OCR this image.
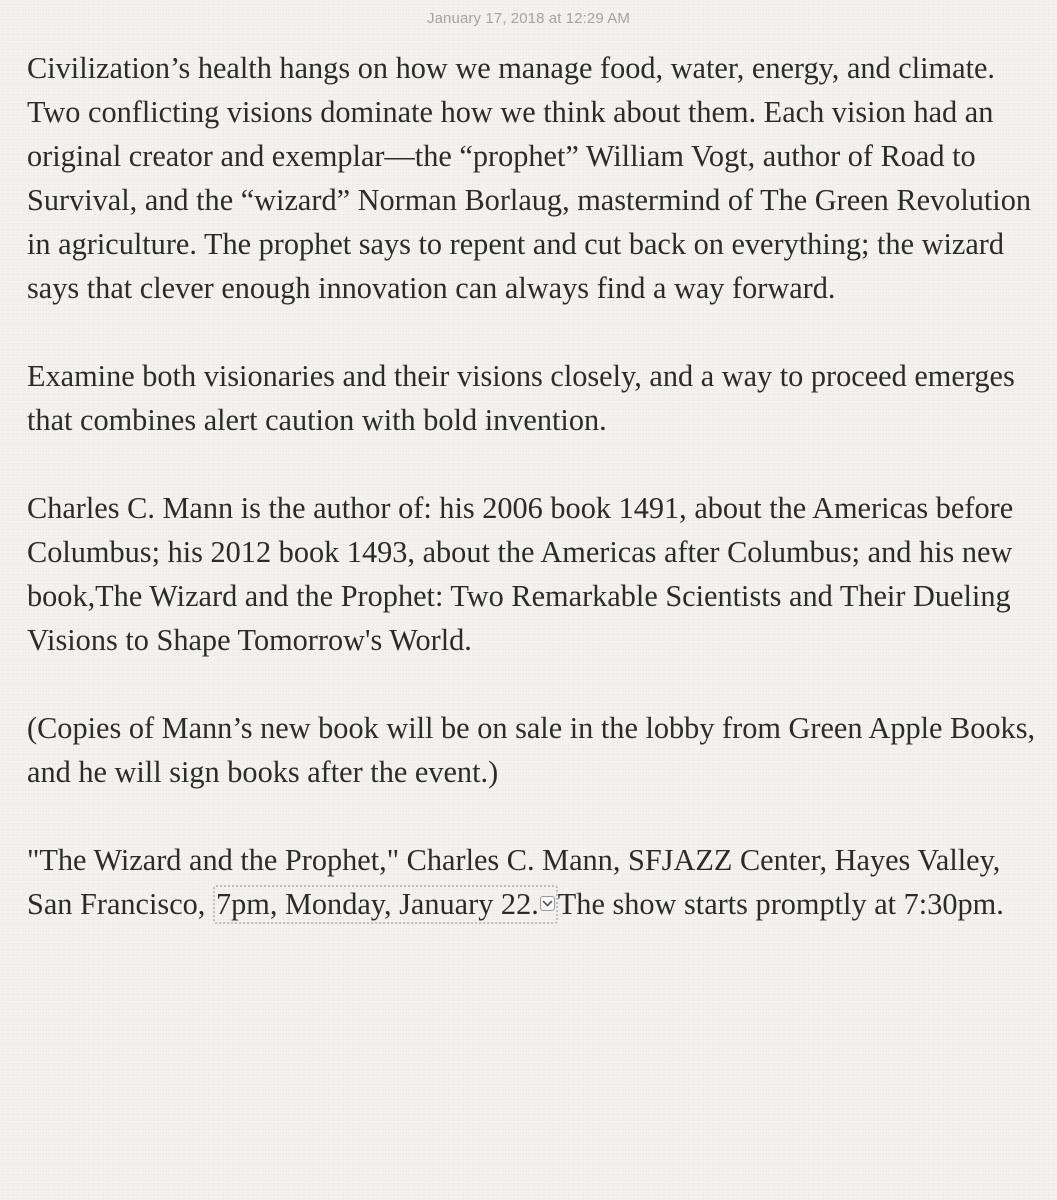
January 17, 2018 at 12:29 AM

Civilization’s health hangs on how we manage food, water, energy, and climate. Two conflicting visions dominate how we think about them. Each vision had an original creator and exemplar—the “prophet” William Vogt, author of Road to Survival, and the “wizard” Norman Borlaug, mastermind of The Green Revolution in agriculture. The prophet says to repent and cut back on everything; the wizard says that clever enough innovation can always find a way forward.

Examine both visionaries and their visions closely, and a way to proceed emerges that combines alert caution with bold invention.

Charles C. Mann is the author of: his 2006 book 1491, about the Americas before Columbus; his 2012 book 1493, about the Americas after Columbus; and his new book,The Wizard and the Prophet: Two Remarkable Scientists and Their Dueling Visions to Shape Tomorrow's World.

(Copies of Mann’s new book will be on sale in the lobby from Green Apple Books, and he will sign books after the event.)

"The Wizard and the Prophet," Charles C. Mann, SFJAZZ Center, Hayes Valley, San Francisco, 7pm, Monday, January 22. The show starts promptly at 7:30pm.
